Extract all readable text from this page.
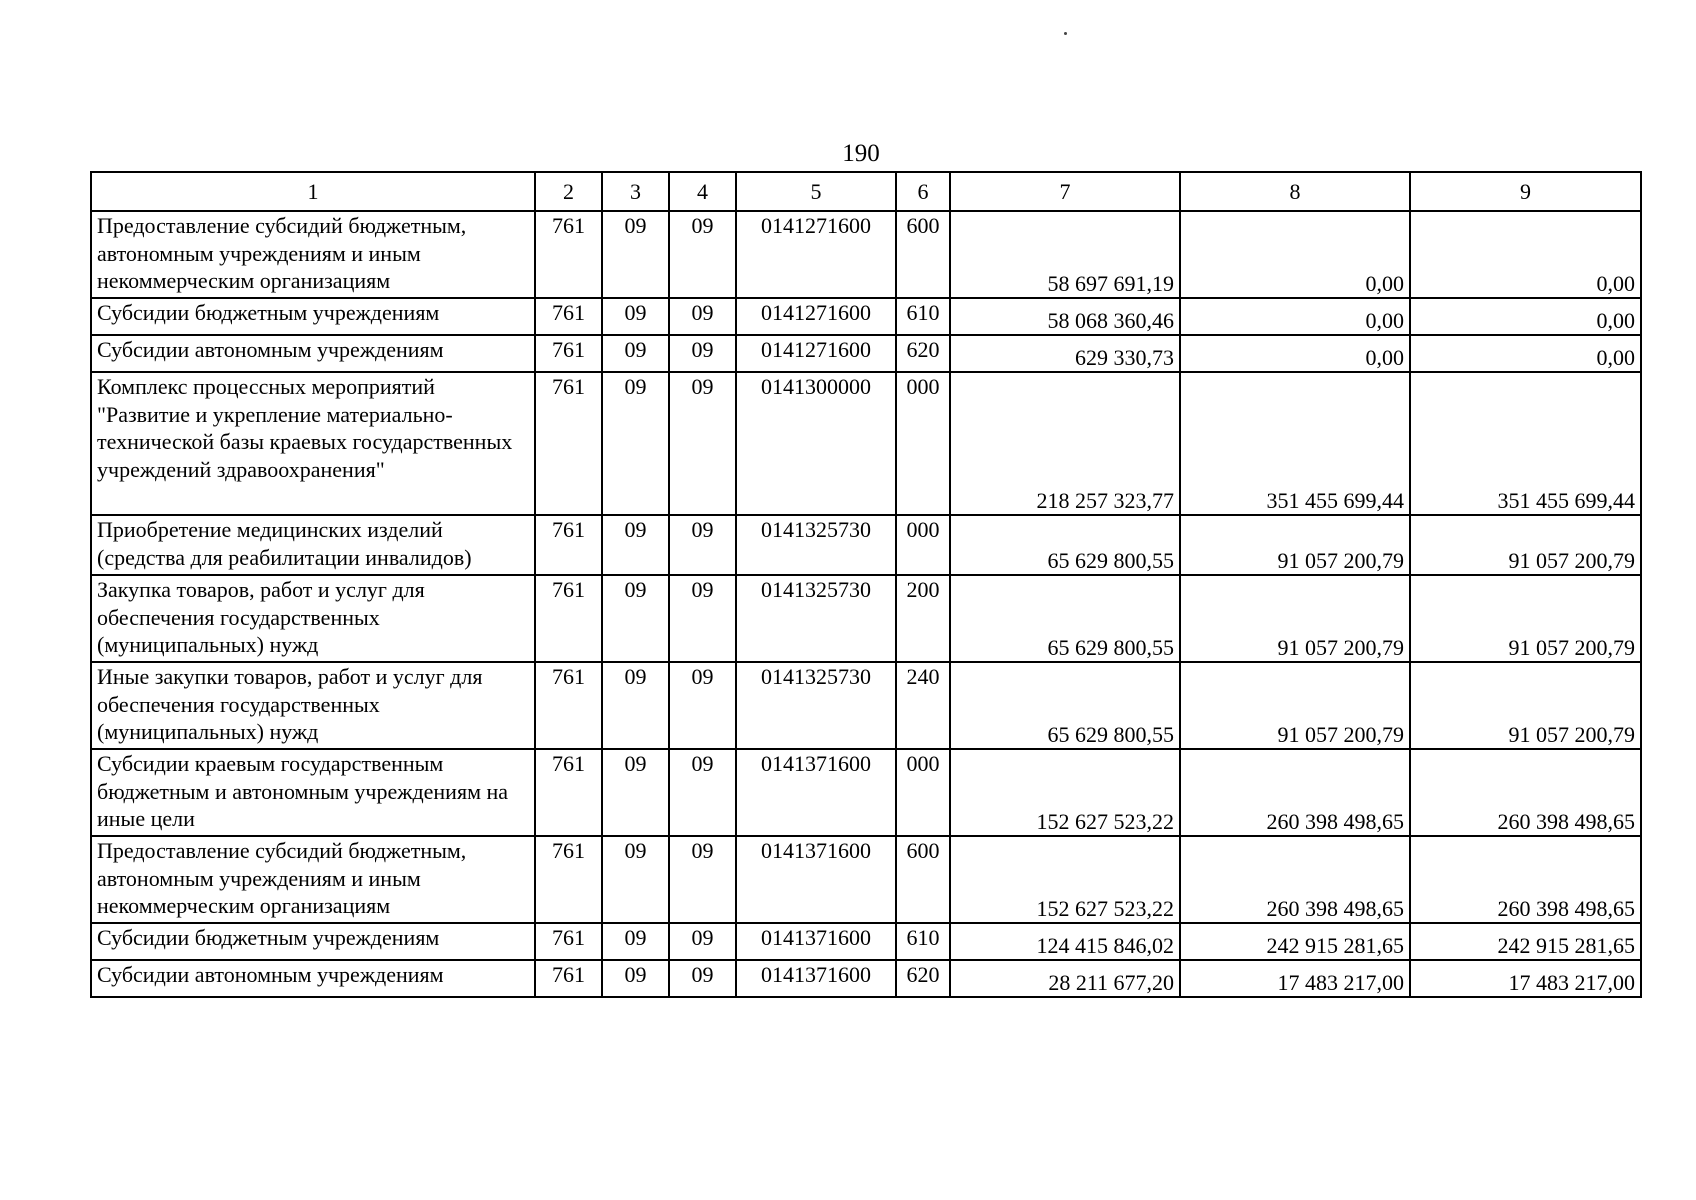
190
1	2	3	4	5	6	7	8	9
Предоставление субсидий бюджетным, автономным учреждениям и иным некоммерческим организациям	761	09	09	0141271600	600	58 697 691,19	0,00	0,00
Субсидии бюджетным учреждениям	761	09	09	0141271600	610	58 068 360,46	0,00	0,00
Субсидии автономным учреждениям	761	09	09	0141271600	620	629 330,73	0,00	0,00
Комплекс процессных мероприятий "Развитие и укрепление материально-технической базы краевых государственных учреждений здравоохранения"	761	09	09	0141300000	000	218 257 323,77	351 455 699,44	351 455 699,44
Приобретение медицинских изделий (средства для реабилитации инвалидов)	761	09	09	0141325730	000	65 629 800,55	91 057 200,79	91 057 200,79
Закупка товаров, работ и услуг для обеспечения государственных (муниципальных) нужд	761	09	09	0141325730	200	65 629 800,55	91 057 200,79	91 057 200,79
Иные закупки товаров, работ и услуг для обеспечения государственных (муниципальных) нужд	761	09	09	0141325730	240	65 629 800,55	91 057 200,79	91 057 200,79
Субсидии краевым государственным бюджетным и автономным учреждениям на иные цели	761	09	09	0141371600	000	152 627 523,22	260 398 498,65	260 398 498,65
Предоставление субсидий бюджетным, автономным учреждениям и иным некоммерческим организациям	761	09	09	0141371600	600	152 627 523,22	260 398 498,65	260 398 498,65
Субсидии бюджетным учреждениям	761	09	09	0141371600	610	124 415 846,02	242 915 281,65	242 915 281,65
Субсидии автономным учреждениям	761	09	09	0141371600	620	28 211 677,20	17 483 217,00	17 483 217,00
